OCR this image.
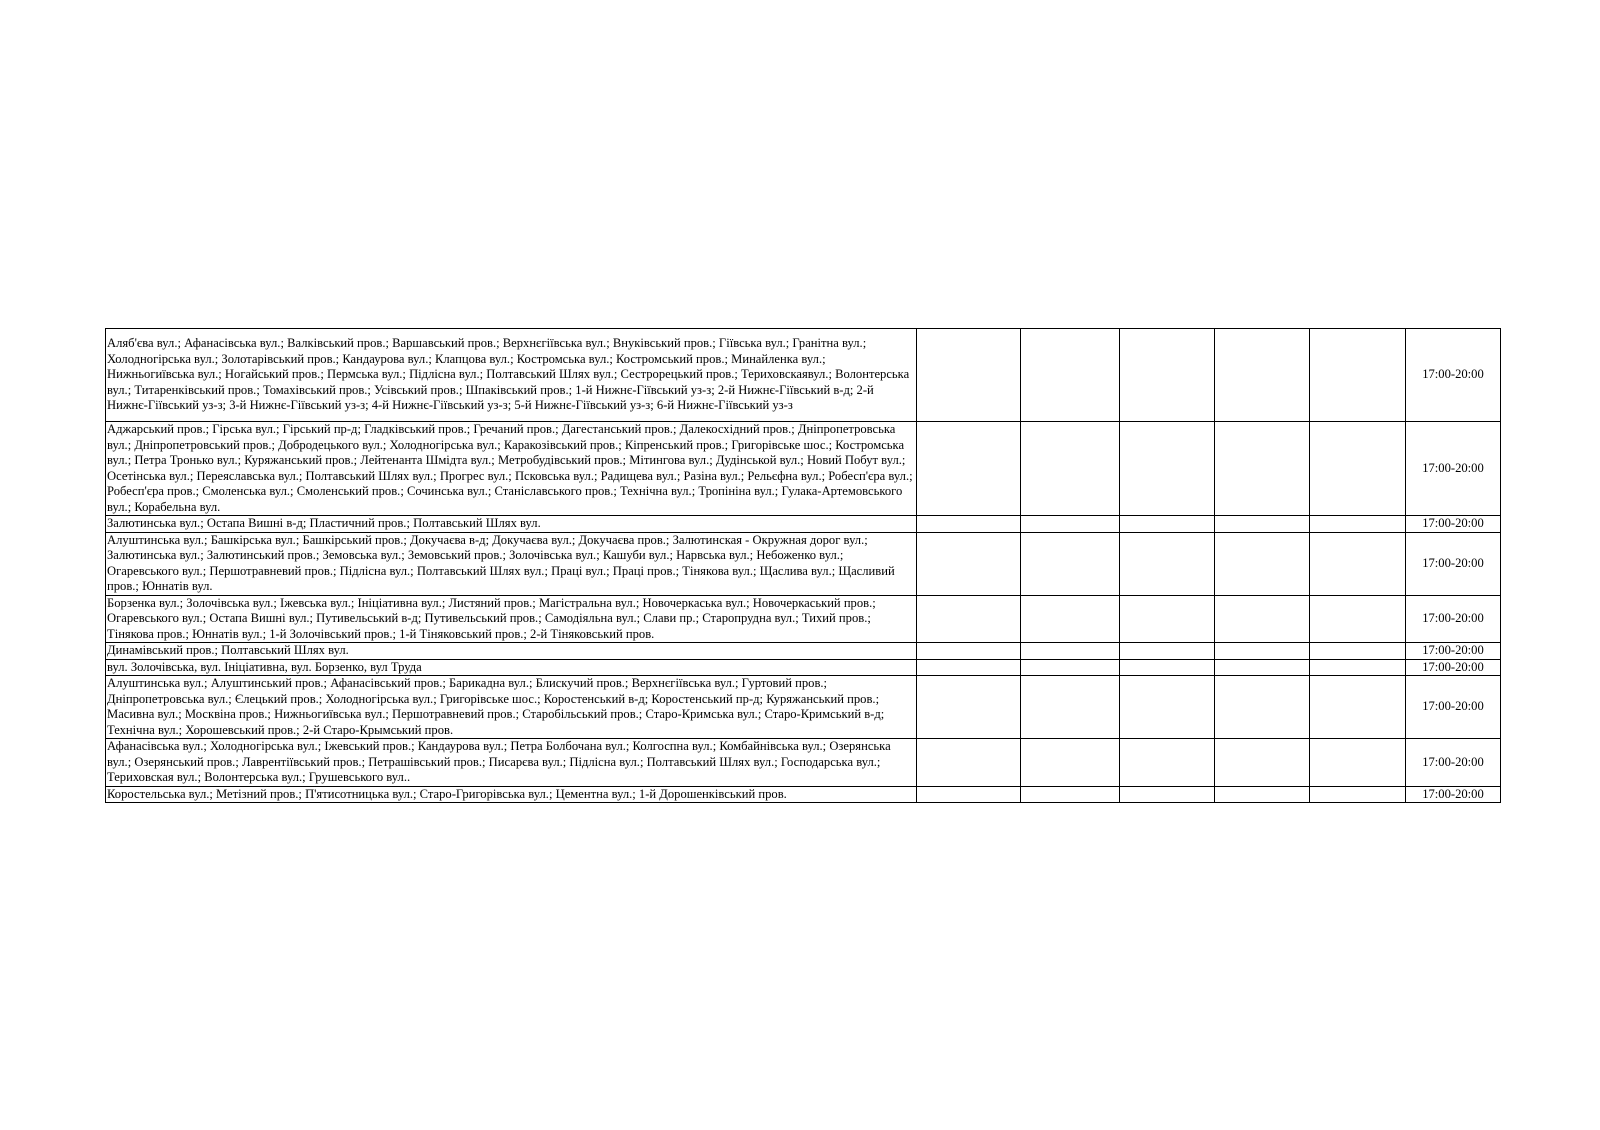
Аляб'єва вул.; Афанасівська вул.; Валківський пров.; Варшавський пров.; Верхнєгіївська вул.; Внуківський пров.; Гіївська вул.; Гранітна вул.; Холодногірська вул.; Золотарівський пров.; Кандаурова вул.; Клапцова вул.; Костромська вул.; Костромський пров.; Минайленка вул.; Нижньогиївська вул.; Ногайський пров.; Пермська вул.; Підлісна вул.; Полтавський Шлях вул.; Сестрорецький пров.; Териховскаявул.; Волонтерська вул.; Титаренківський пров.; Томахівський пров.; Усівський пров.; Шпаківський пров.; 1-й Нижнє-Гіївський уз-з; 2-й Нижнє-Гіївський в-д; 2-й Нижнє-Гіївський уз-з; 3-й Нижнє-Гіївський уз-з; 4-й Нижнє-Гіївський уз-з; 5-й Нижнє-Гіївський уз-з; 6-й Нижнє-Гіївський уз-з						17:00-20:00
Аджарський пров.; Гірська вул.; Гірський пр-д; Гладківський пров.; Гречаний пров.; Дагестанський пров.; Далекосхідний пров.; Дніпропетровська вул.; Дніпропетровський пров.; Добродецького вул.; Холодногірська вул.; Каракозівський пров.; Кіпренський пров.; Григорівське шос.; Костромська вул.; Петра Тронько вул.; Куряжанський пров.; Лейтенанта Шмідта вул.; Метробудівський пров.; Мітингова вул.; Дудінськой вул.; Новий Побут вул.; Осетінська вул.; Переяславська вул.; Полтавський Шлях вул.; Прогрес вул.; Псковська вул.; Радищева вул.; Разіна вул.; Рельєфна вул.; Робесп'єра вул.; Робесп'єра пров.; Смоленська вул.; Смоленський пров.; Сочинська вул.; Станіславського пров.; Технічна вул.; Тропініна вул.; Гулака-Артемовського вул.; Корабельна вул.						17:00-20:00
Залютинська вул.; Остапа Вишні в-д; Пластичний пров.; Полтавський Шлях вул.						17:00-20:00
Алуштинська вул.; Башкірська вул.; Башкірський пров.; Докучаєва в-д; Докучаєва вул.; Докучаєва пров.; Залютинская - Окружная дорог вул.; Залютинська вул.; Залютинський пров.; Земовська вул.; Земовський пров.; Золочівська вул.; Кашуби вул.; Нарвська вул.; Небоженко вул.; Огаревського вул.; Першотравневий пров.; Підлісна вул.; Полтавський Шлях вул.; Праці вул.; Праці пров.; Тінякова вул.; Щаслива вул.; Щасливий пров.; Юннатів вул.						17:00-20:00
Борзенка вул.; Золочівська вул.; Іжевська вул.; Ініціативна вул.; Листяний пров.; Магістральна вул.; Новочеркаська вул.; Новочеркаський пров.; Огаревського вул.; Остапа Вишні вул.; Путивельський в-д; Путивельський пров.; Самодіяльна вул.; Слави пр.; Старопрудна вул.; Тихий пров.; Тінякова пров.; Юннатів вул.; 1-й Золочівський пров.; 1-й Тіняковський пров.; 2-й Тіняковський пров.						17:00-20:00
Динамівський пров.; Полтавський Шлях вул.						17:00-20:00
вул. Золочівська, вул. Ініціативна, вул. Борзенко, вул Труда						17:00-20:00
Алуштинська вул.; Алуштинський пров.; Афанасівський пров.; Барикадна вул.; Блискучий пров.; Верхнєгіївська вул.; Гуртовий пров.; Дніпропетровська вул.; Єлецький пров.; Холодногірська вул.; Григорівське шос.; Коростенський в-д; Коростенський пр-д; Куряжанський пров.; Масивна вул.; Москвіна пров.; Нижньогиївська вул.; Першотравневий пров.; Старобільський пров.; Старо-Кримська вул.; Старо-Кримський в-д; Технічна вул.; Хорошевський пров.; 2-й Старо-Крымський пров.						17:00-20:00
Афанасівська вул.; Холодногірська вул.; Іжевський пров.; Кандаурова вул.; Петра Болбочана вул.; Колгоспна вул.; Комбайнівська вул.; Озерянська вул.; Озерянський пров.; Лаврентіївський пров.; Петрашівський пров.; Писарєва вул.; Підлісна вул.; Полтавський Шлях вул.; Господарська вул.; Териховская вул.; Волонтерська вул.; Грушевського вул..						17:00-20:00
Коростельська вул.; Метізний пров.; П'ятисотницька вул.; Старо-Григорівська вул.; Цементна вул.; 1-й Дорошенківський пров.						17:00-20:00
